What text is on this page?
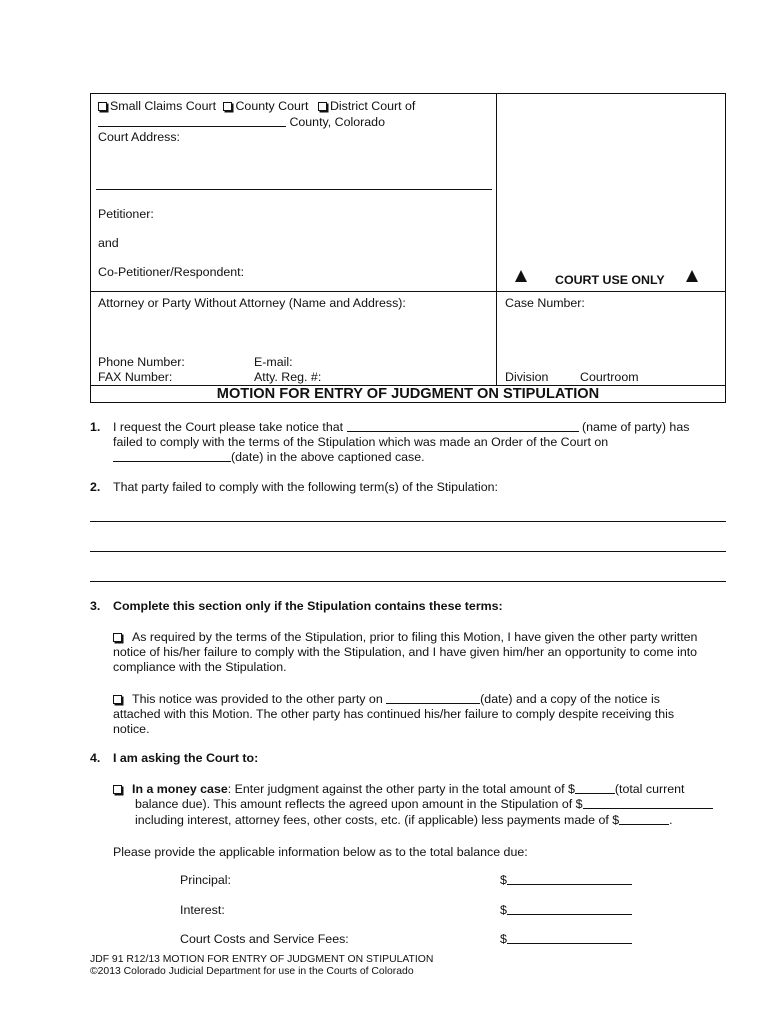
Small Claims Court County Court District Court of
County, Colorado
Court Address:
Petitioner:
and
Co-Petitioner/Respondent:
COURT USE ONLY
Attorney or Party Without Attorney (Name and Address):	Case Number:
Phone Number:	E-mail:
FAX Number:	Atty. Reg. #:	Division	Courtroom
MOTION FOR ENTRY OF JUDGMENT ON STIPULATION
1. I request the Court please take notice that	(name of party) has
failed to comply with the terms of the Stipulation which was made an Order of the Court on
(date) in the above captioned case.
2. That party failed to comply with the following term(s) of the Stipulation:
3. Complete this section only if the Stipulation contains these terms:
As required by the terms of the Stipulation, prior to filing this Motion, I have given the other party written
notice of his/her failure to comply with the Stipulation, and I have given him/her an opportunity to come into
compliance with the Stipulation.
This notice was provided to the other party on	(date) and a copy of the notice is
attached with this Motion. The other party has continued his/her failure to comply despite receiving this
notice.
4. I am asking the Court to:
In a money case: Enter judgment against the other party in the total amount of $	(total current
balance due). This amount reflects the agreed upon amount in the Stipulation of $
including interest, attorney fees, other costs, etc. (if applicable) less payments made of $	.
Please provide the applicable information below as to the total balance due:
Principal:	$
Interest:	$
Court Costs and Service Fees:	$
JDF 91 R12/13 MOTION FOR ENTRY OF JUDGMENT ON STIPULATION
©2013 Colorado Judicial Department for use in the Courts of Colorado
